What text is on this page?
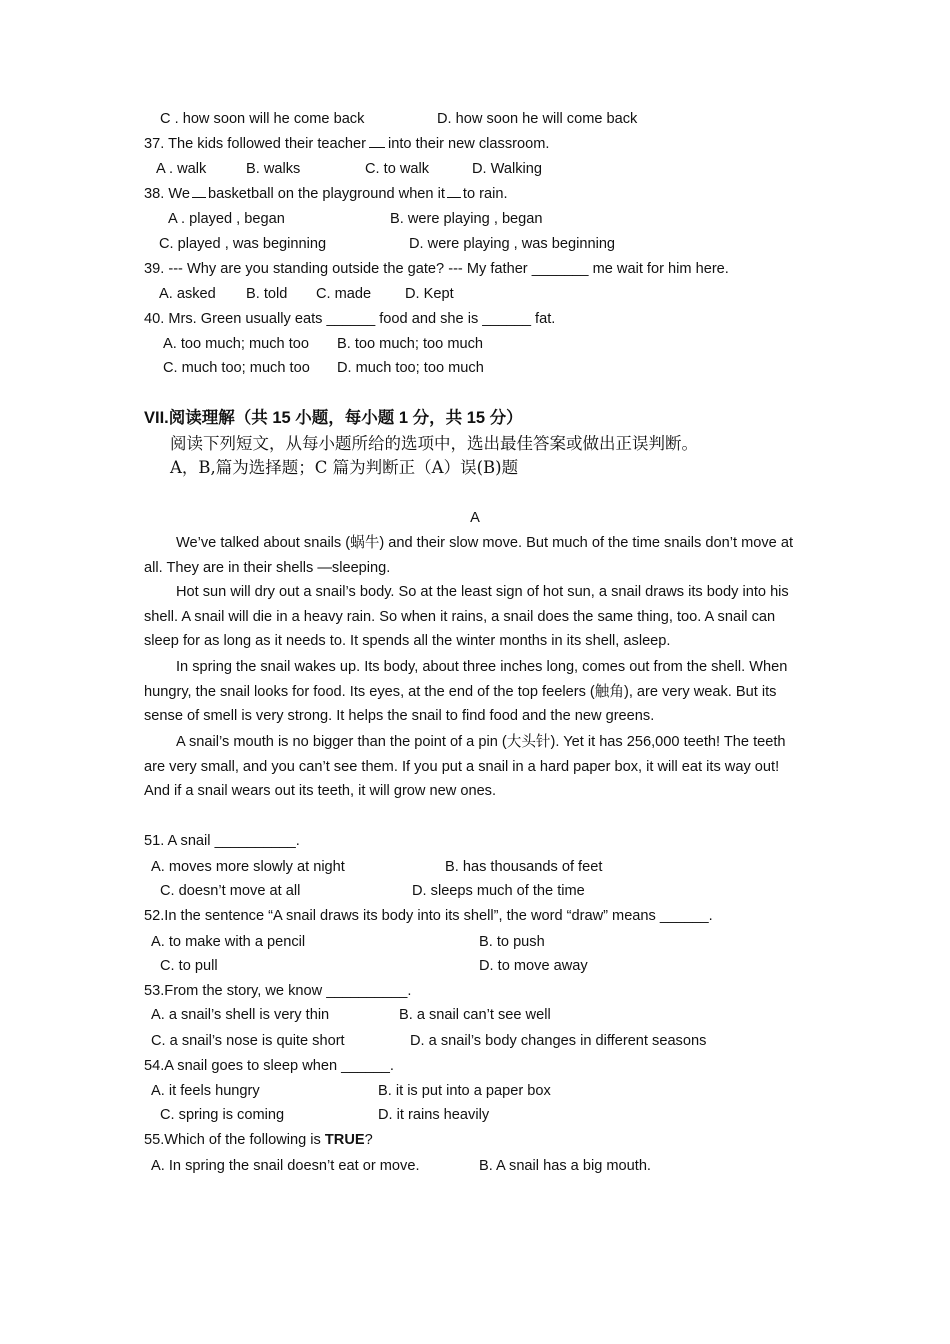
C . how soon will he come back	D. how soon he will come back
37. The kids followed their teacher into their new classroom.
A . walk	B. walks	C. to walk	D. Walking
38. We basketball on the playground when it to rain.
A . played , began	B. were playing , began
C. played , was beginning	D. were playing , was beginning
39. --- Why are you standing outside the gate? --- My father _______ me wait for him here.
A. asked B. told C. made D. Kept
40. Mrs. Green usually eats ______ food and she is ______ fat.
A. too much; much too B. too much; too much
C. much too; much too D. much too; too much
VII.阅读理解（共 15 小题，每小题 1 分，共 15 分）
阅读下列短文，从每小题所给的选项中，选出最佳答案或做出正误判断。
A，B,篇为选择题；C 篇为判断正（A）误(B)题
A
We’ve talked about snails (蜗牛) and their slow move. But much of the time snails don’t move at all. They are in their shells —sleeping.
Hot sun will dry out a snail’s body. So at the least sign of hot sun, a snail draws its body into his shell. A snail will die in a heavy rain. So when it rains, a snail does the same thing, too. A snail can sleep for as long as it needs to. It spends all the winter months in its shell, asleep.
In spring the snail wakes up. Its body, about three inches long, comes out from the shell. When hungry, the snail looks for food. Its eyes, at the end of the top feelers (触角), are very weak. But its sense of smell is very strong. It helps the snail to find food and the new greens.
A snail’s mouth is no bigger than the point of a pin (大头针). Yet it has 256,000 teeth! The teeth are very small, and you can’t see them. If you put a snail in a hard paper box, it will eat its way out! And if a snail wears out its teeth, it will grow new ones.
51. A snail __________.
A. moves more slowly at night	B. has thousands of feet
C. doesn’t move at all	D. sleeps much of the time
52.In the sentence “A snail draws its body into its shell”, the word “draw” means ______.
A. to make with a pencil	B. to push
C. to pull	D. to move away
53.From the story, we know __________.
A. a snail’s shell is very thin	B. a snail can’t see well
C. a snail’s nose is quite short	D. a snail’s body changes in different seasons
54.A snail goes to sleep when ______.
A. it feels hungry	B. it is put into a paper box
C. spring is coming	D. it rains heavily
55.Which of the following is TRUE?
A. In spring the snail doesn’t eat or move.	B. A snail has a big mouth.
